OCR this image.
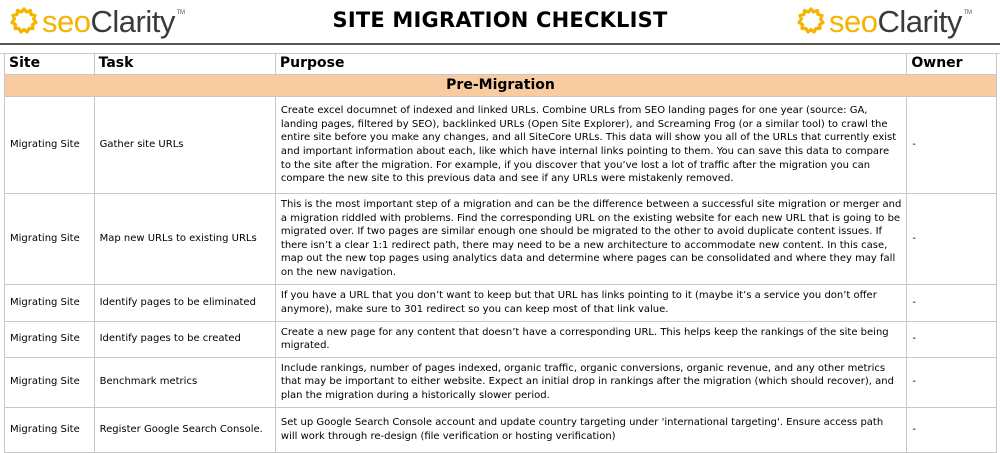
seoClarity ™	SITE MIGRATION CHECKLIST	seoClarity ™
Site	Task	Purpose	Owner
Pre-Migration			
Migrating Site	Gather site URLs	Create excel documnet of indexed and linked URLs. Combine URLs from SEO landing pages for one year (source: GA, landing pages, filtered by SEO), backlinked URLs (Open Site Explorer), and Screaming Frog (or a similar tool) to crawl the entire site before you make any changes, and all SiteCore URLs. This data will show you all of the URLs that currently exist and important information about each, like which have internal links pointing to them. You can save this data to compare to the site after the migration. For example, if you discover that you’ve lost a lot of traffic after the migration you can compare the new site to this previous data and see if any URLs were mistakenly removed.	-
Migrating Site	Map new URLs to existing URLs	This is the most important step of a migration and can be the difference between a successful site migration or merger and a migration riddled with problems. Find the corresponding URL on the existing website for each new URL that is going to be migrated over. If two pages are similar enough one should be migrated to the other to avoid duplicate content issues. If there isn’t a clear 1:1 redirect path, there may need to be a new architecture to accommodate new content. In this case, map out the new top pages using analytics data and determine where pages can be consolidated and where they may fall on the new navigation.	-
Migrating Site	Identify pages to be eliminated	If you have a URL that you don’t want to keep but that URL has links pointing to it (maybe it’s a service you don’t offer anymore), make sure to 301 redirect so you can keep most of that link value.	-
Migrating Site	Identify pages to be created	Create a new page for any content that doesn’t have a corresponding URL. This helps keep the rankings of the site being migrated.	-
Migrating Site	Benchmark metrics	Include rankings, number of pages indexed, organic traffic, organic conversions, organic revenue, and any other metrics that may be important to either website. Expect an initial drop in rankings after the migration (which should recover), and plan the migration during a historically slower period.	-
Migrating Site	Register Google Search Console.	Set up Google Search Console account and update country targeting under 'international targeting'. Ensure access path will work through re-design (file verification or hosting verification)	-
